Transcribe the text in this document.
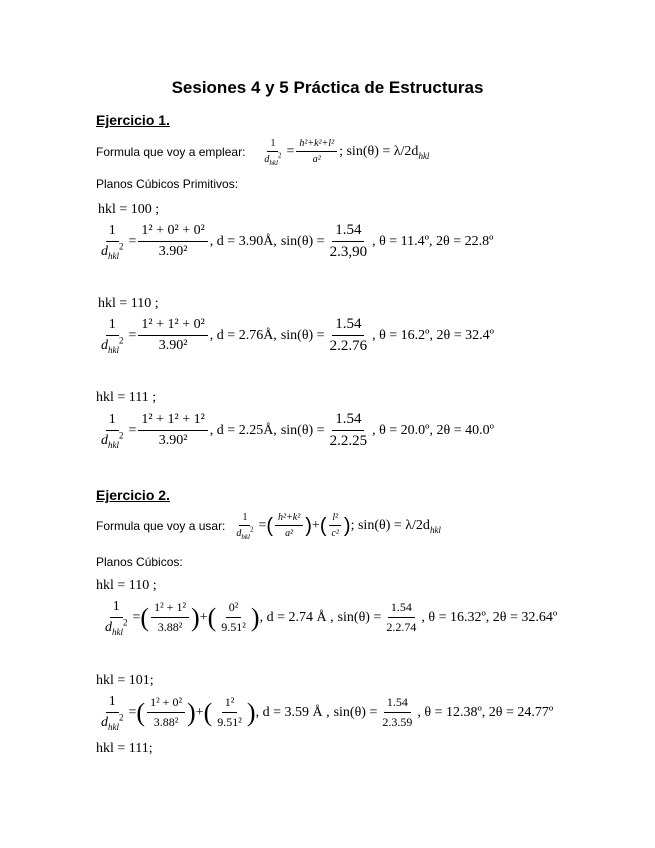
Sesiones 4 y 5 Práctica de Estructuras
Ejercicio 1.
Formula que voy a emplear: $\frac{1}{d_{hkl}^2} = \frac{\text{h²+k²+l²}}{\text{a²}}$ ; $\sin(\theta) = \lambda/2d_{hkl}$
Planos Cúbicos Primitivos:
hkl = 100 ;
$\frac{1}{d_{hkl}^2} = \frac{\text{1² + 0² + 0²}}{\text{3.90²}}$ , d = 3.90Å, $\sin(\theta) = \frac{1.54}{2.3,90}$ , θ = 11.4º, 2θ = 22.8º
hkl = 110 ;
$\frac{1}{d_{hkl}^2} = \frac{\text{1² + 1² + 0²}}{\text{3.90²}}$ , d = 2.76Å, $\sin(\theta) = \frac{1.54}{2.2.76}$ , θ = 16.2º, 2θ = 32.4º
hkl = 111 ;
$\frac{1}{d_{hkl}^2} = \frac{\text{1² + 1² + 1²}}{\text{3.90²}}$ , d = 2.25Å, $\sin(\theta) = \frac{1.54}{2.2.25}$ , θ = 20.0º, 2θ = 40.0º
Ejercicio 2.
Formula que voy a usar: $\frac{1}{d_{hkl}^2}$ = ( $\frac{\text{h²+k²}}{\text{a²}}$ ) + ( $\frac{\text{l²}}{\text{c²}}$ ) ; $\sin(\theta) = \lambda/2d_{hkl}$
Planos Cúbicos:
hkl = 110 ;
$\frac{1}{d_{hkl}^2}$ = ( $\frac{\text{1² + 1²}}{\text{3.88²}}$ ) + ( $\frac{\text{0²}}{\text{9.51²}}$ ) , d = 2.74 Å , $\sin(\theta) = \frac{1.54}{2.2.74}$ , θ = 16.32º, 2θ = 32.64º
hkl = 101;
$\frac{1}{d_{hkl}^2}$ = ( $\frac{\text{1² + 0²}}{\text{3.88²}}$ ) + ( $\frac{\text{1²}}{\text{9.51²}}$ ) , d = 3.59 Å , $\sin(\theta) = \frac{1.54}{2.3.59}$ , θ = 12.38º, 2θ = 24.77º
hkl = 111;
